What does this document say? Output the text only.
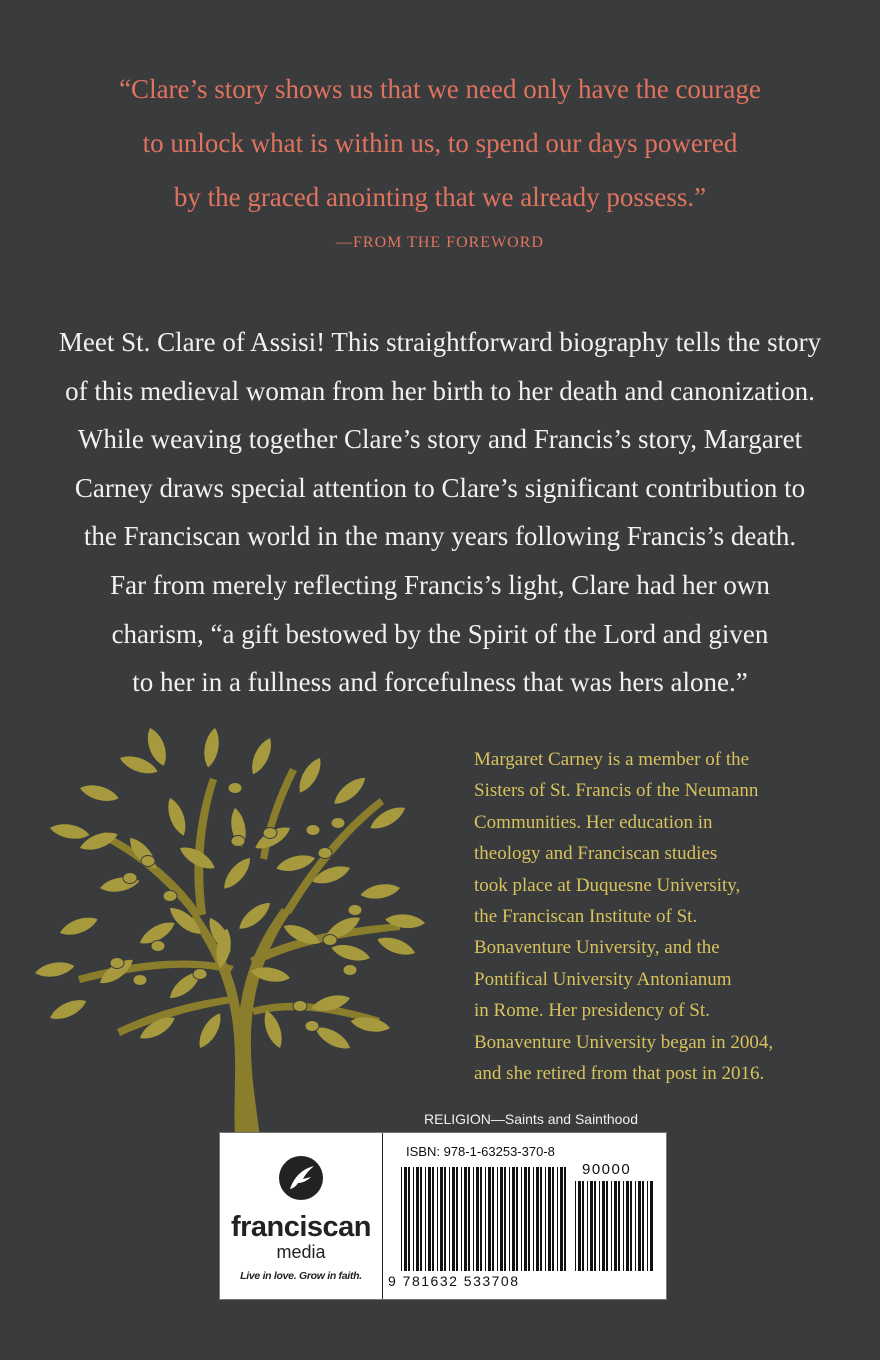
“Clare’s story shows us that we need only have the courage
to unlock what is within us, to spend our days powered
by the graced anointing that we already possess.”
—FROM THE FOREWORD
Meet St. Clare of Assisi! This straightforward biography tells the story
of this medieval woman from her birth to her death and canonization.
While weaving together Clare’s story and Francis’s story, Margaret
Carney draws special attention to Clare’s significant contribution to
the Franciscan world in the many years following Francis’s death.
Far from merely reflecting Francis’s light, Clare had her own
charism, “a gift bestowed by the Spirit of the Lord and given
to her in a fullness and forcefulness that was hers alone.”
Margaret Carney is a member of the
Sisters of St. Francis of the Neumann
Communities. Her education in
theology and Franciscan studies
took place at Duquesne University,
the Franciscan Institute of St.
Bonaventure University, and the
Pontifical University Antonianum
in Rome. Her presidency of St.
Bonaventure University began in 2004,
and she retired from that post in 2016.
RELIGION—Saints and Sainthood
franciscan
media
Live in love. Grow in faith.
ISBN: 978-1-63253-370-8
90000
9 781632 533708
